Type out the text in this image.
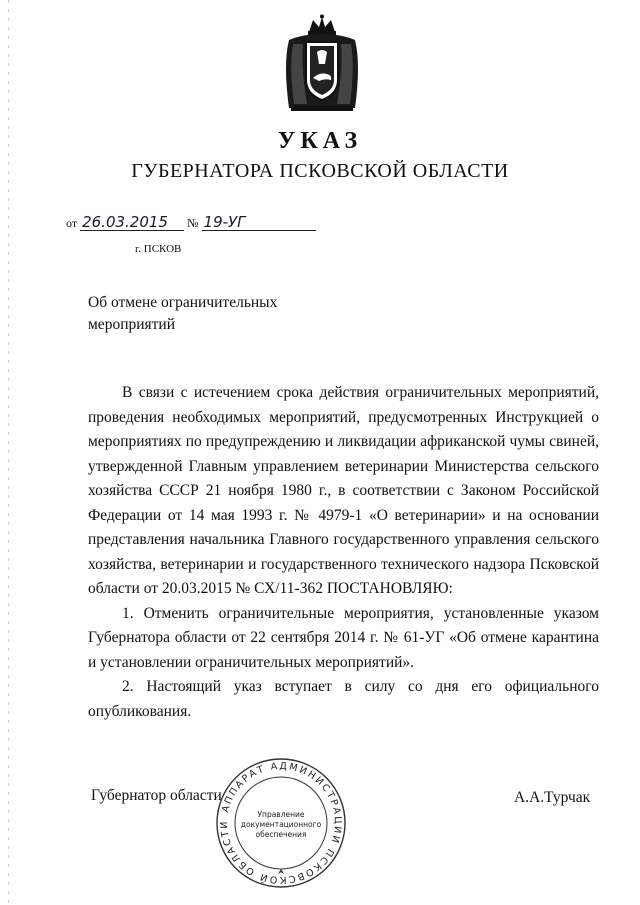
УКАЗ
ГУБЕРНАТОРА ПСКОВСКОЙ ОБЛАСТИ
от 26.03.2015 № 19-УГ
г. ПСКОВ
Об отмене ограничительных
мероприятий

В связи с истечением срока действия ограничительных мероприятий, проведения необходимых мероприятий, предусмотренных Инструкцией о мероприятиях по предупреждению и ликвидации африканской чумы свиней, утвержденной Главным управлением ветеринарии Министерства сельского хозяйства СССР 21 ноября 1980 г., в соответствии с Законом Российской Федерации от 14 мая 1993 г. № 4979-1 «О ветеринарии» и на основании представления начальника Главного государственного управления сельского хозяйства, ветеринарии и государственного технического надзора Псковской области от 20.03.2015 № СХ/11-362 ПОСТАНОВЛЯЮ:

1. Отменить ограничительные мероприятия, установленные указом Губернатора области от 22 сентября 2014 г. № 61-УГ «Об отмене карантина и установлении ограничительных мероприятий».

2. Настоящий указ вступает в силу со дня его официального опубликования.

Губернатор области	А.А.Турчак
АППАРАТ АДМИНИСТРАЦИИ ПСКОВСКОЙ ОБЛАСТИ
Управление
документационного
обеспечения
